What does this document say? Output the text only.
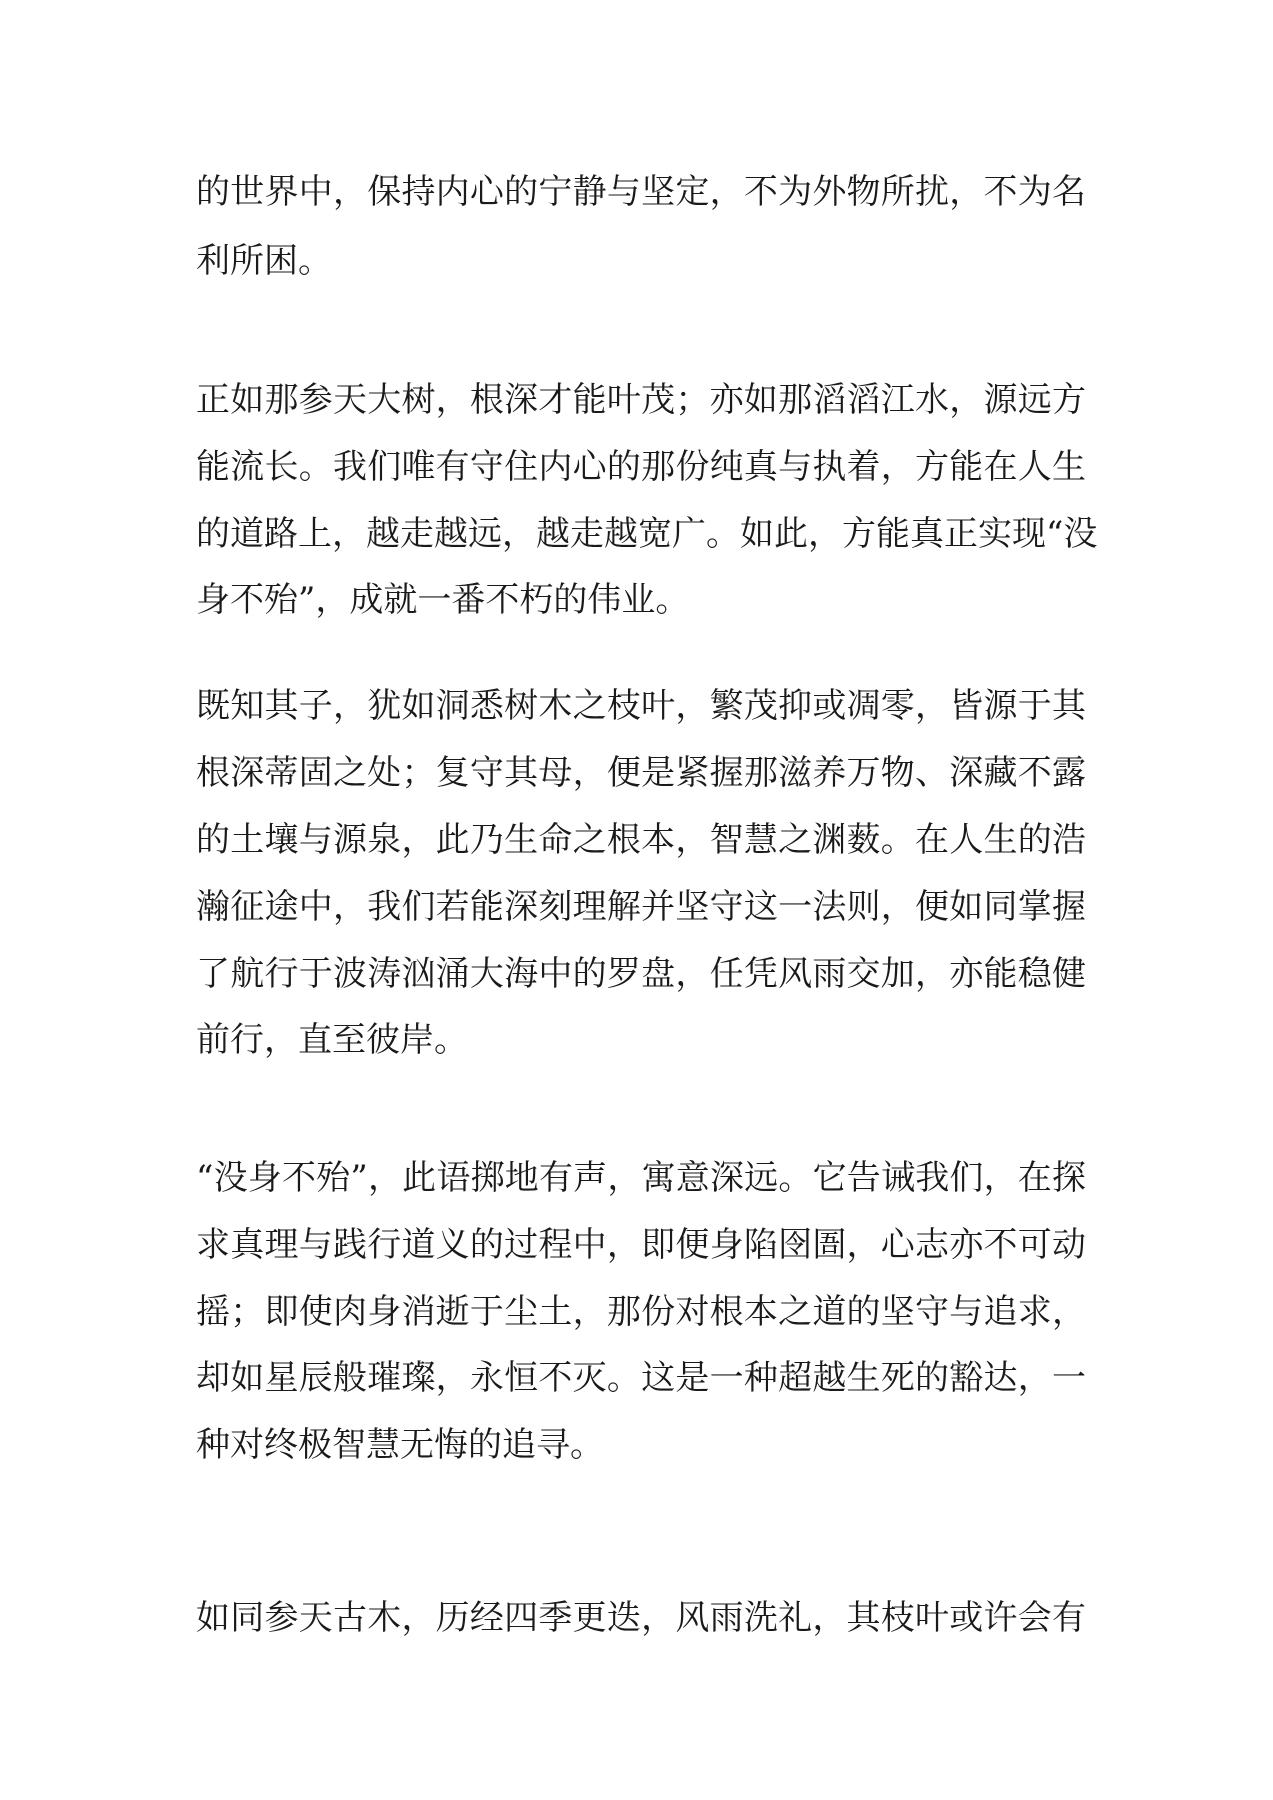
的世界中，保持内心的宁静与坚定，不为外物所扰，不为名
利所困。
正如那参天大树，根深才能叶茂；亦如那滔滔江水，源远方
能流长。我们唯有守住内心的那份纯真与执着，方能在人生
的道路上，越走越远，越走越宽广。如此，方能真正实现“没
身不殆”，成就一番不朽的伟业。
既知其子，犹如洞悉树木之枝叶，繁茂抑或凋零，皆源于其
根深蒂固之处；复守其母，便是紧握那滋养万物、深藏不露
的土壤与源泉，此乃生命之根本，智慧之渊薮。在人生的浩
瀚征途中，我们若能深刻理解并坚守这一法则，便如同掌握
了航行于波涛汹涌大海中的罗盘，任凭风雨交加，亦能稳健
前行，直至彼岸。
“没身不殆”，此语掷地有声，寓意深远。它告诫我们，在探
求真理与践行道义的过程中，即便身陷囹圄，心志亦不可动
摇；即使肉身消逝于尘土，那份对根本之道的坚守与追求，
却如星辰般璀璨，永恒不灭。这是一种超越生死的豁达，一
种对终极智慧无悔的追寻。
如同参天古木，历经四季更迭，风雨洗礼，其枝叶或许会有
